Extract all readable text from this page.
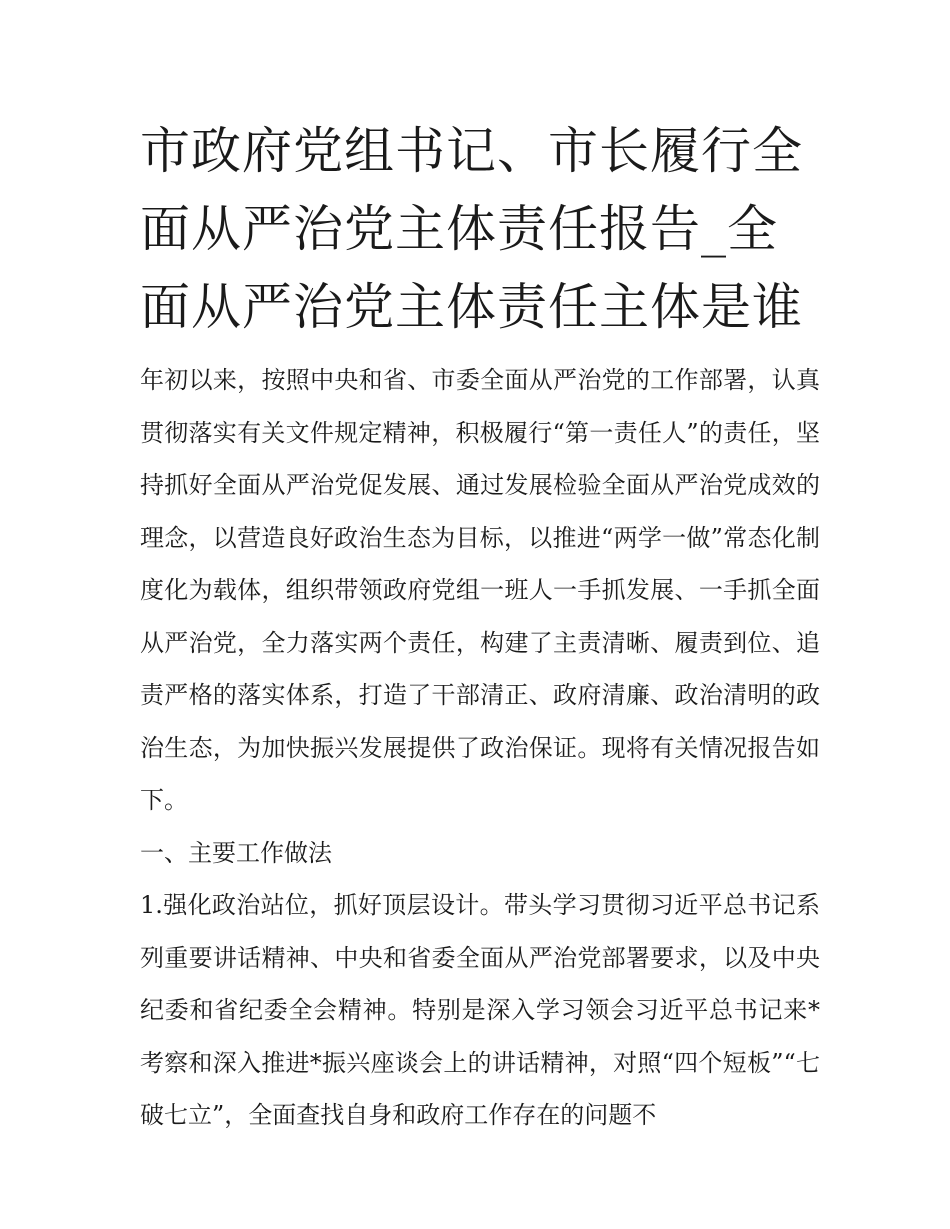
市政府党组书记、市长履行全面从严治党主体责任报告_全面从严治党主体责任主体是谁

年初以来，按照中央和省、市委全面从严治党的工作部署，认真贯彻落实有关文件规定精神，积极履行“第一责任人”的责任，坚持抓好全面从严治党促发展、通过发展检验全面从严治党成效的理念，以营造良好政治生态为目标，以推进“两学一做”常态化制度化为载体，组织带领政府党组一班人一手抓发展、一手抓全面从严治党，全力落实两个责任，构建了主责清晰、履责到位、追责严格的落实体系，打造了干部清正、政府清廉、政治清明的政治生态，为加快振兴发展提供了政治保证。现将有关情况报告如下。

一、主要工作做法

1.强化政治站位，抓好顶层设计。带头学习贯彻习近平总书记系列重要讲话精神、中央和省委全面从严治党部署要求，以及中央纪委和省纪委全会精神。特别是深入学习领会习近平总书记来*考察和深入推进*振兴座谈会上的讲话精神，对照“四个短板”“七破七立”，全面查找自身和政府工作存在的问题不
